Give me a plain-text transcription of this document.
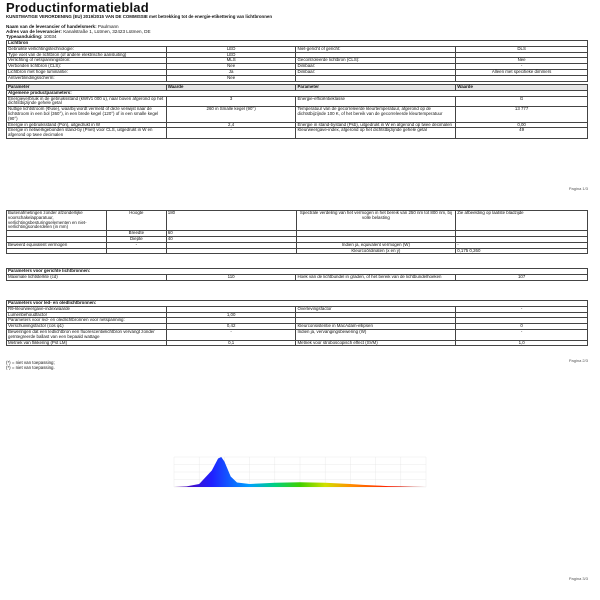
Productinformatieblad
KUNSTMATIGE VERORDENING (EU) 2019/2015 VAN DE COMMISSIE met betrekking tot de energie-etikettering van lichtbronnen
Naam van de leverancier of handelsmerk: Paulmann
Adres van de leverancier: Kanalstraße 1, Lütmen, 32423 Lütmen, DE
Typeaanduiding: 10034
Lichtbron			
Gebruikte verlichtingstechnologie:	LED	Niet-gericht of gericht:	DLS
Type voet van de lichtbron (of andere elektrische aansluiting)	LED		
Verlichting of netspanningsbron:	MLS	Gecontroleerde lichtbron (CLS):	Nee
Verbonden lichtbron (CLS):	Nee	Dimbaar:	-
Lichtbron met hoge luminantie:	Ja	Dimbaar:	Alleen met specifieke dimmers
Antiverblindingsscherm:	Nee		
Parameter	Waarde	Parameter	Waarde
Algemene productparameters:			
Energieverbruik in de gebruiksstand (kWh/1 000 u), naar boven afgerond op het dichtstbijzijnde gehele getal	3	Energie-efficiëntieklasse	G
Nuttige lichtstroom (Φuse), waarbij wordt vermeld of deze verwijst naar de lichtstroom in een bol (360°), in een brede kegel (120°) of in een smalle kegel (90°)	260 in Smalle kegel (90°)	Temperatuur van de gecorreleerde kleurtemperatuur, afgerond op de dichtstbijzijnde 100 K, of het bereik van de gecorreleerde kleurtemperatuur	13 777
Energie in gebruiksstand (Pon), uitgedrukt in W	2,4	Energie in stand-bystand (Psb), uitgedrukt in W en afgerond op twee decimalen	0,00
Energie in netwerkgebonden stand-by (Pnet) voor CLS, uitgedrukt in W en afgerond op twee decimalen	-	Kleurweergave-index, afgerond op het dichtstbijzijnde gehele getal	49
Pagina 1/3
Buitenafmetingen zonder afzonderlijke voorschakelapparatuur, verlichtingsbesturingselementen en niet-verlichtingsonderdelen (in mm)	Hoogte	180	Spectrale verdeling van het vermogen in het bereik van 250 nm tot 800 nm, bij volle belasting	Zie afbeelding op laatste bladzijde
	Breedte	60		
	Diepte	40		
Beweerd equivalent vermogen	-		Indien ja, equivalent vermogen (W)	-
			Kleurcoördinaten (x en y)	0,175 0,260
Parameters voor gerichte lichtbronnen:
Maximale lichtsterkte (cd)	110	Hoek van de lichtbundel in graden, of het bereik van de lichtbundelhoeken	107
Parameters voor led- en oledlichtbronnen:			
R9-kleurweergave-indexwaarde		Overlevingsfactor	-
Lumenbehoudfactor	1,00		
Parameters voor led- en oledlichtbronnen voor netspanning:			
Verschuivingsfactor (cos φ1)	0,42	Kleurconsistentie in MacAdam-ellipsen	0
Beweringen dat een ledlichtbron een fluorescentielichtbron vervangt zonder geïntegreerde ballast van een bepaald wattage	-	Indien ja, vervangingsbewering (W)	-
Metriek van flikkering (Pst LM)	0,1	Metriek voor stroboscopisch effect (SVM)	1,0
(*) = niet van toepassing;
(*) = niet van toepassing.
Pagina 2/3
Pagina 3/3
